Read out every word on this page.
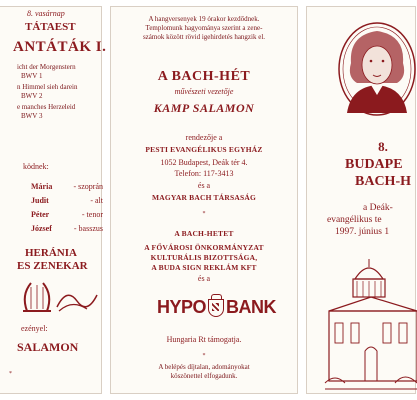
8. vasárnap
TÁTAEST
ANTÁTÁK I.
icht der Morgenstern
BWV 1
n Himmel sieh darein
BWV 2
e manches Herzeleid
BWV 3
ködnek:
Mária	- szoprán
Judit	- alt
Péter	- tenor
József	- basszus
HERÁNIA
ES ZENEKAR
ezényel:
SALAMON
*
A hangversenyek 19 órakor kezdődnek.
Templomunk hagyománya szerint a zene-
számok között rövid igehirdetés hangzik el.
A BACH-HÉT
művészeti vezetője
KAMP SALAMON
rendezője a
PESTI EVANGÉLIKUS EGYHÁZ
1052 Budapest, Deák tér 4.
Telefon: 117-3413
és a
MAGYAR BACH TÁRSASÁG
*
A BACH-HETET
A FŐVÁROSI ÖNKORMÁNYZAT
KULTURÁLIS BIZOTTSÁGA,
A BUDA SIGN REKLÁM KFT
és a
HYPO BANK
Hungaria Rt támogatja.
*
A belépés díjtalan, adományokat
köszönettel elfogadunk.
8.
BUDAPE
BACH-H
a Deák-
evangélikus te
1997. június 1
